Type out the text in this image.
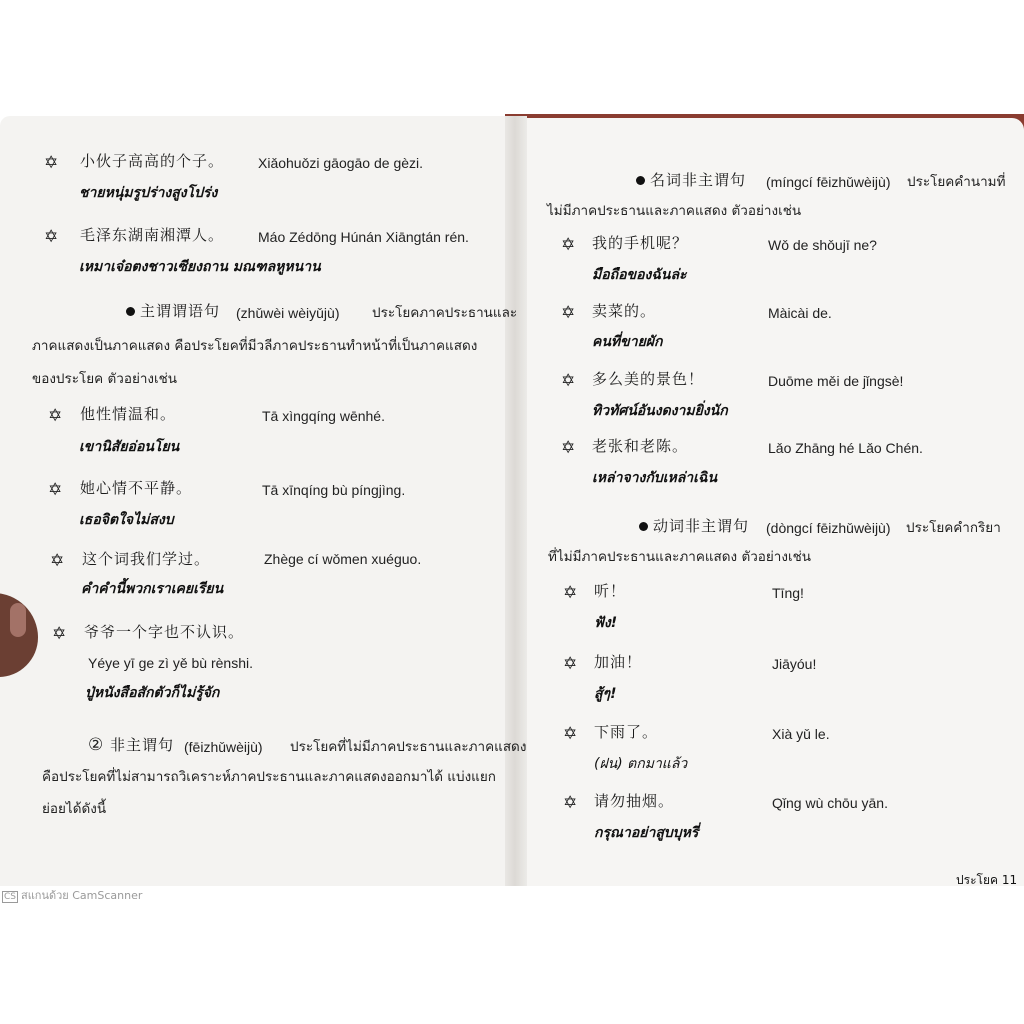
✡ 小伙子高高的个子。 Xiǎohuǒzi gāogāo de gèzi.
ชายหนุ่มรูปร่างสูงโปร่ง
✡ 毛泽东湖南湘潭人。 Máo Zédōng Húnán Xiāngtán rén.
เหมาเจ๋อตงชาวเซียงถาน มณฑลหูหนาน
主谓谓语句 (zhǔwèi wèiyǔjù) ประโยคภาคประธานและ
ภาคแสดงเป็นภาคแสดง คือประโยคที่มีวลีภาคประธานทำหน้าที่เป็นภาคแสดง
ของประโยค ตัวอย่างเช่น
✡ 他性情温和。	Tā xìngqíng wēnhé.
เขานิสัยอ่อนโยน
✡ 她心情不平静。	Tā xīnqíng bù píngjìng.
เธอจิตใจไม่สงบ
✡ 这个词我们学过。	Zhège cí wǒmen xuéguo.
คำคำนี้พวกเราเคยเรียน
✡ 爷爷一个字也不认识。
Yéye yī ge zì yě bù rènshi.
ปู่หนังสือสักตัวก็ไม่รู้จัก
② 非主谓句 (fēizhǔwèijù) ประโยคที่ไม่มีภาคประธานและภาคแสดง
คือประโยคที่ไม่สามารถวิเคราะห์ภาคประธานและภาคแสดงออกมาได้ แบ่งแยก
ย่อยได้ดังนี้
名词非主谓句 (míngcí fēizhǔwèijù) ประโยคคำนามที่
ไม่มีภาคประธานและภาคแสดง ตัวอย่างเช่น
✡ 我的手机呢？	Wǒ de shǒujī ne?
มือถือของฉันล่ะ
✡ 卖菜的。	Màicài de.
คนที่ขายผัก
✡ 多么美的景色！	Duōme měi de jǐngsè!
ทิวทัศน์อันงดงามยิ่งนัก
✡ 老张和老陈。	Lǎo Zhāng hé Lǎo Chén.
เหล่าจางกับเหล่าเฉิน
动词非主谓句 (dòngcí fēizhǔwèijù) ประโยคคำกริยา
ที่ไม่มีภาคประธานและภาคแสดง ตัวอย่างเช่น
✡ 听！	Tīng!
ฟัง!
✡ 加油！	Jiāyóu!
สู้ๆ!
✡ 下雨了。	Xià yǔ le.
(ฝน) ตกมาแล้ว
✡ 请勿抽烟。	Qǐng wù chōu yān.
กรุณาอย่าสูบบุหรี่
ประโยค 11
CS สแกนด้วย CamScanner
